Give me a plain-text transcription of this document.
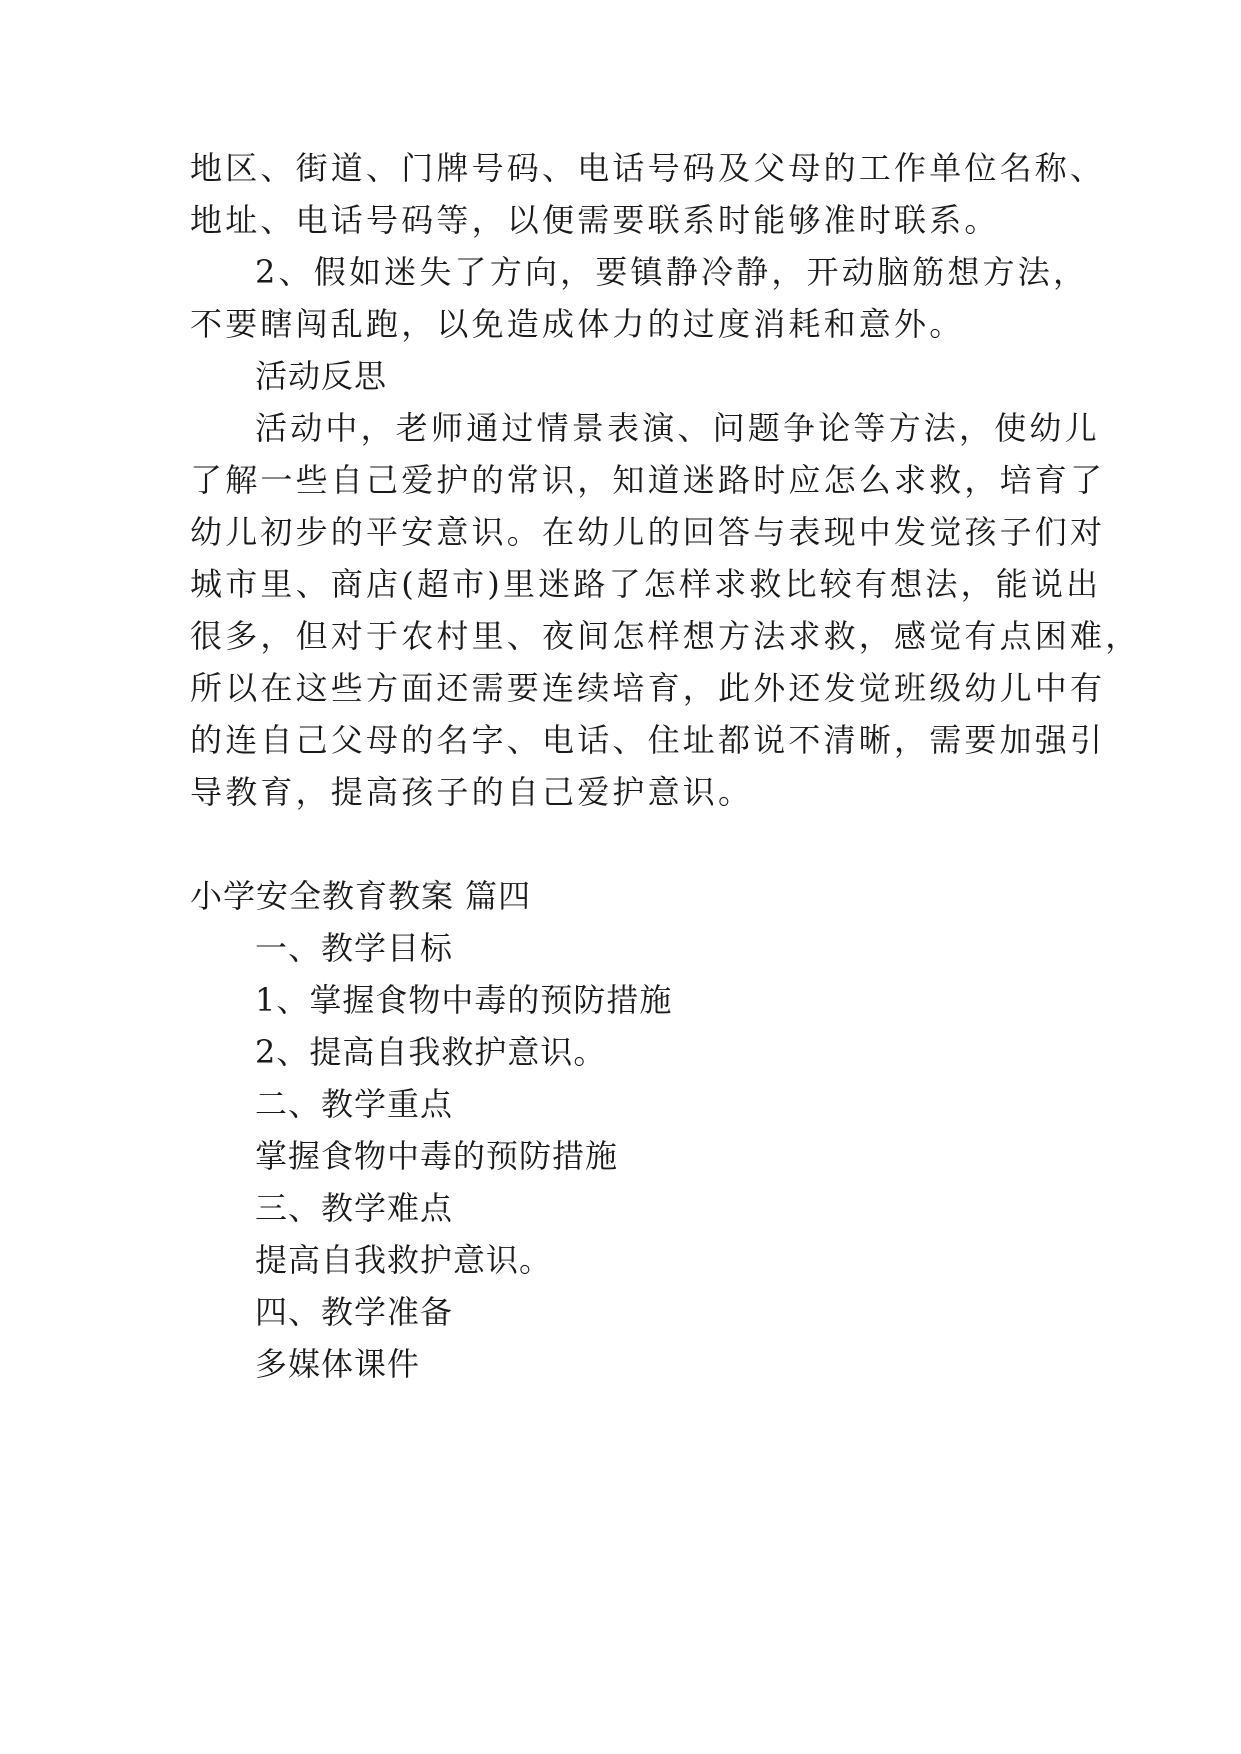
地区、街道、门牌号码、电话号码及父母的工作单位名称、
地址、电话号码等，以便需要联系时能够准时联系。
2、假如迷失了方向，要镇静冷静，开动脑筋想方法，
不要瞎闯乱跑，以免造成体力的过度消耗和意外。
活动反思
活动中，老师通过情景表演、问题争论等方法，使幼儿
了解一些自己爱护的常识，知道迷路时应怎么求救，培育了
幼儿初步的平安意识。在幼儿的回答与表现中发觉孩子们对
城市里、商店(超市)里迷路了怎样求救比较有想法，能说出
很多，但对于农村里、夜间怎样想方法求救，感觉有点困难，
所以在这些方面还需要连续培育，此外还发觉班级幼儿中有
的连自己父母的名字、电话、住址都说不清晰，需要加强引
导教育，提高孩子的自己爱护意识。
小学安全教育教案 篇四
一、教学目标
1、掌握食物中毒的预防措施
2、提高自我救护意识。
二、教学重点
掌握食物中毒的预防措施
三、教学难点
提高自我救护意识。
四、教学准备
多媒体课件
